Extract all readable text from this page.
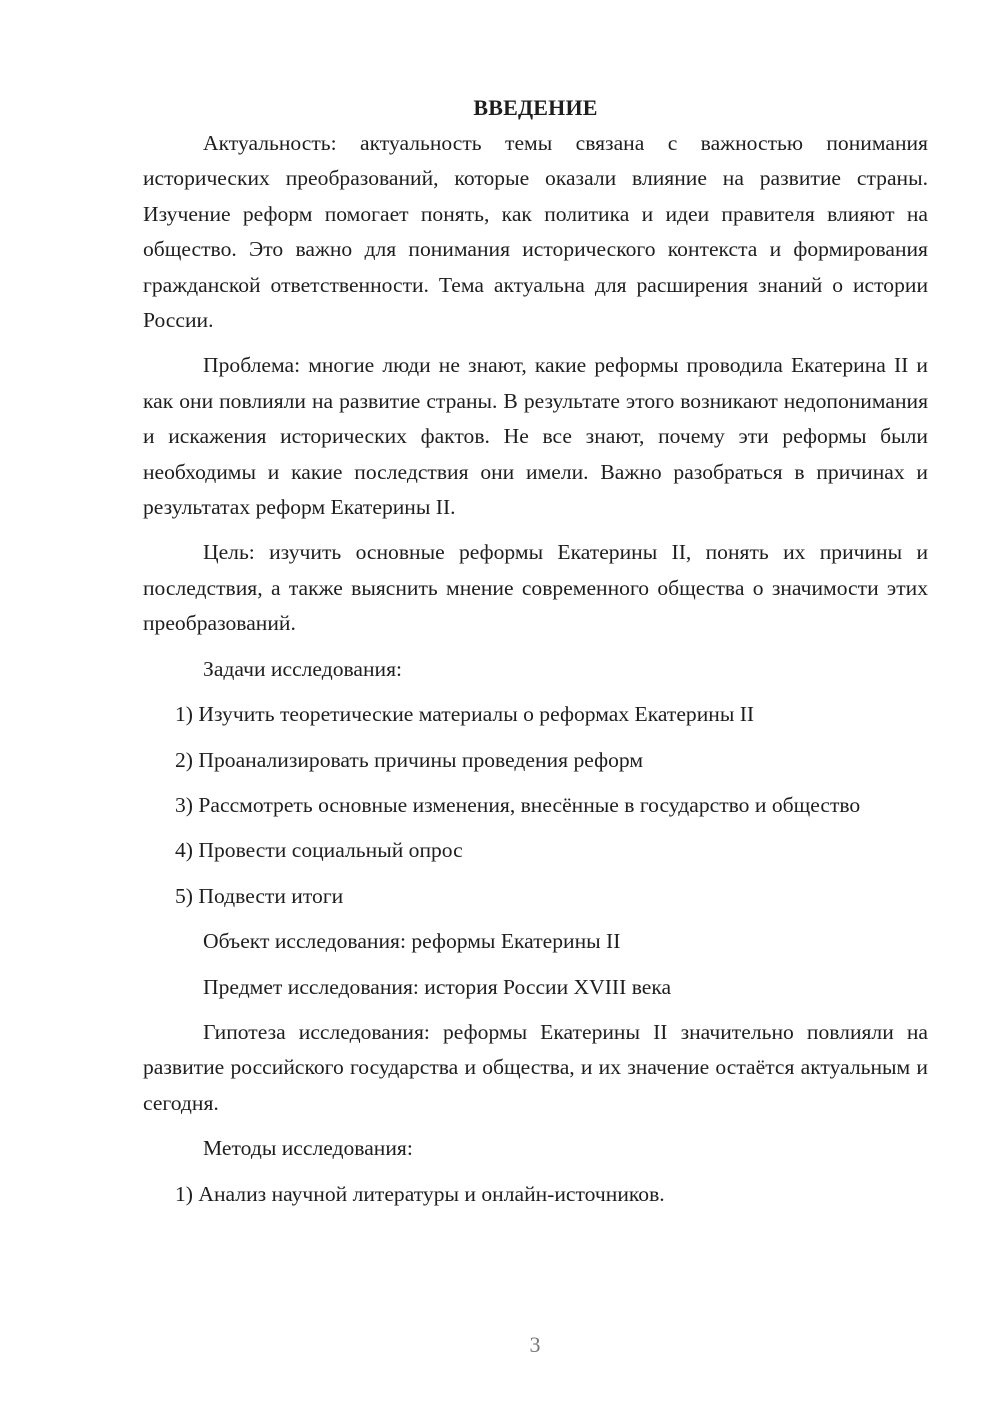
ВВЕДЕНИЕ

Актуальность: актуальность темы связана с важностью понимания исторических преобразований, которые оказали влияние на развитие страны. Изучение реформ помогает понять, как политика и идеи правителя влияют на общество. Это важно для понимания исторического контекста и формирования гражданской ответственности. Тема актуальна для расширения знаний о истории России.

Проблема: многие люди не знают, какие реформы проводила Екатерина II и как они повлияли на развитие страны. В результате этого возникают недопонимания и искажения исторических фактов. Не все знают, почему эти реформы были необходимы и какие последствия они имели. Важно разобраться в причинах и результатах реформ Екатерины II.

Цель: изучить основные реформы Екатерины II, понять их причины и последствия, а также выяснить мнение современного общества о значимости этих преобразований.

Задачи исследования:

1) Изучить теоретические материалы о реформах Екатерины II

2) Проанализировать причины проведения реформ

3) Рассмотреть основные изменения, внесённые в государство и общество

4) Провести социальный опрос

5) Подвести итоги

Объект исследования: реформы Екатерины II

Предмет исследования: история России XVIII века

Гипотеза исследования: реформы Екатерины II значительно повлияли на развитие российского государства и общества, и их значение остаётся актуальным и сегодня.

Методы исследования:

1) Анализ научной литературы и онлайн-источников.

3
